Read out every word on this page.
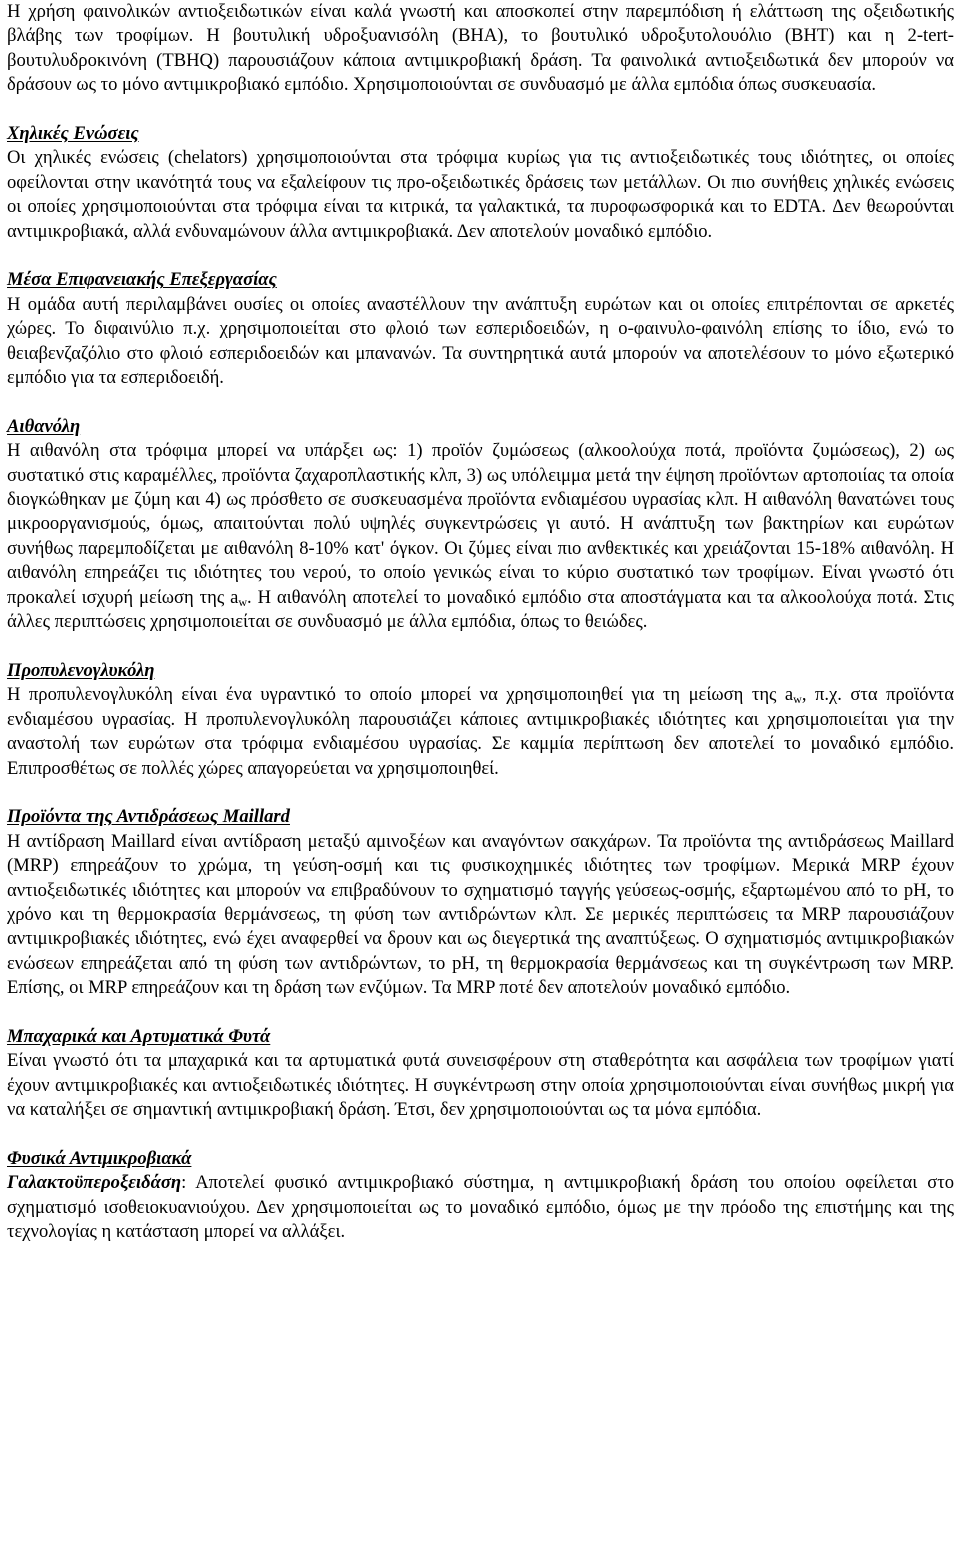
Η χρήση φαινολικών αντιοξειδωτικών είναι καλά γνωστή και αποσκοπεί στην παρεμπόδιση ή ελάττωση της οξειδωτικής βλάβης των τροφίμων. Η βουτυλική υδροξυανισόλη (BHA), το βουτυλικό υδροξυτολουόλιο (BHT) και η 2-tert-βουτυλυδροκινόνη (TBHQ) παρουσιάζουν κάποια αντιμικροβιακή δράση. Τα φαινολικά αντιοξειδωτικά δεν μπορούν να δράσουν ως το μόνο αντιμικροβιακό εμπόδιο. Χρησιμοποιούνται σε συνδυασμό με άλλα εμπόδια όπως συσκευασία.

Χηλικές Ενώσεις

Οι χηλικές ενώσεις (chelators) χρησιμοποιούνται στα τρόφιμα κυρίως για τις αντιοξειδωτικές τους ιδιότητες, οι οποίες οφείλονται στην ικανότητά τους να εξαλείφουν τις προ-οξειδωτικές δράσεις των μετάλλων. Οι πιο συνήθεις χηλικές ενώσεις οι οποίες χρησιμοποιούνται στα τρόφιμα είναι τα κιτρικά, τα γαλακτικά, τα πυροφωσφορικά και το EDTA. Δεν θεωρούνται αντιμικροβιακά, αλλά ενδυναμώνουν άλλα αντιμικροβιακά. Δεν αποτελούν μοναδικό εμπόδιο.

Μέσα Επιφανειακής Επεξεργασίας

Η ομάδα αυτή περιλαμβάνει ουσίες οι οποίες αναστέλλουν την ανάπτυξη ευρώτων και οι οποίες επιτρέπονται σε αρκετές χώρες. Το διφαινύλιο π.χ. χρησιμοποιείται στο φλοιό των εσπεριδοειδών, η ο-φαινυλο-φαινόλη επίσης το ίδιο, ενώ το θειαβενζαζόλιο στο φλοιό εσπεριδοειδών και μπανανών. Τα συντηρητικά αυτά μπορούν να αποτελέσουν το μόνο εξωτερικό εμπόδιο για τα εσπεριδοειδή.

Αιθανόλη

Η αιθανόλη στα τρόφιμα μπορεί να υπάρξει ως: 1) προϊόν ζυμώσεως (αλκοολούχα ποτά, προϊόντα ζυμώσεως), 2) ως συστατικό στις καραμέλλες, προϊόντα ζαχαροπλαστικής κλπ, 3) ως υπόλειμμα μετά την έψηση προϊόντων αρτοποιίας τα οποία διογκώθηκαν με ζύμη και 4) ως πρόσθετο σε συσκευασμένα προϊόντα ενδιαμέσου υγρασίας κλπ. Η αιθανόλη θανατώνει τους μικροοργανισμούς, όμως, απαιτούνται πολύ υψηλές συγκεντρώσεις γι αυτό. Η ανάπτυξη των βακτηρίων και ευρώτων συνήθως παρεμποδίζεται με αιθανόλη 8-10% κατ' όγκον. Οι ζύμες είναι πιο ανθεκτικές και χρειάζονται 15-18% αιθανόλη. Η αιθανόλη επηρεάζει τις ιδιότητες του νερού, το οποίο γενικώς είναι το κύριο συστατικό των τροφίμων. Είναι γνωστό ότι προκαλεί ισχυρή μείωση της $a_w$. Η αιθανόλη αποτελεί το μοναδικό εμπόδιο στα αποστάγματα και τα αλκοολούχα ποτά. Στις άλλες περιπτώσεις χρησιμοποιείται σε συνδυασμό με άλλα εμπόδια, όπως το θειώδες.

Προπυλενογλυκόλη

Η προπυλενογλυκόλη είναι ένα υγραντικό το οποίο μπορεί να χρησιμοποιηθεί για τη μείωση της $a_w$, π.χ. στα προϊόντα ενδιαμέσου υγρασίας. Η προπυλενογλυκόλη παρουσιάζει κάποιες αντιμικροβιακές ιδιότητες και χρησιμοποιείται για την αναστολή των ευρώτων στα τρόφιμα ενδιαμέσου υγρασίας. Σε καμμία περίπτωση δεν αποτελεί το μοναδικό εμπόδιο. Επιπροσθέτως σε πολλές χώρες απαγορεύεται να χρησιμοποιηθεί.

Προϊόντα της Αντιδράσεως Maillard

Η αντίδραση Maillard είναι αντίδραση μεταξύ αμινοξέων και αναγόντων σακχάρων. Τα προϊόντα της αντιδράσεως Maillard (MRP) επηρεάζουν το χρώμα, τη γεύση-οσμή και τις φυσικοχημικές ιδιότητες των τροφίμων. Μερικά MRP έχουν αντιοξειδωτικές ιδιότητες και μπορούν να επιβραδύνουν το σχηματισμό ταγγής γεύσεως-οσμής, εξαρτωμένου από το pH, το χρόνο και τη θερμοκρασία θερμάνσεως, τη φύση των αντιδρώντων κλπ. Σε μερικές περιπτώσεις τα MRP παρουσιάζουν αντιμικροβιακές ιδιότητες, ενώ έχει αναφερθεί να δρουν και ως διεγερτικά της αναπτύξεως. Ο σχηματισμός αντιμικροβιακών ενώσεων επηρεάζεται από τη φύση των αντιδρώντων, το pH, τη θερμοκρασία θερμάνσεως και τη συγκέντρωση των MRP. Επίσης, οι MRP επηρεάζουν και τη δράση των ενζύμων. Τα MRP ποτέ δεν αποτελούν μοναδικό εμπόδιο.

Μπαχαρικά και Αρτυματικά Φυτά

Είναι γνωστό ότι τα μπαχαρικά και τα αρτυματικά φυτά συνεισφέρουν στη σταθερότητα και ασφάλεια των τροφίμων γιατί έχουν αντιμικροβιακές και αντιοξειδωτικές ιδιότητες. Η συγκέντρωση στην οποία χρησιμοποιούνται είναι συνήθως μικρή για να καταλήξει σε σημαντική αντιμικροβιακή δράση. Έτσι, δεν χρησιμοποιούνται ως τα μόνα εμπόδια.

Φυσικά Αντιμικροβιακά

Γαλακτοϋπεροξειδάση: Αποτελεί φυσικό αντιμικροβιακό σύστημα, η αντιμικροβιακή δράση του οποίου οφείλεται στο σχηματισμό ισοθειοκυανιούχου. Δεν χρησιμοποιείται ως το μοναδικό εμπόδιο, όμως με την πρόοδο της επιστήμης και της τεχνολογίας η κατάσταση μπορεί να αλλάξει.
